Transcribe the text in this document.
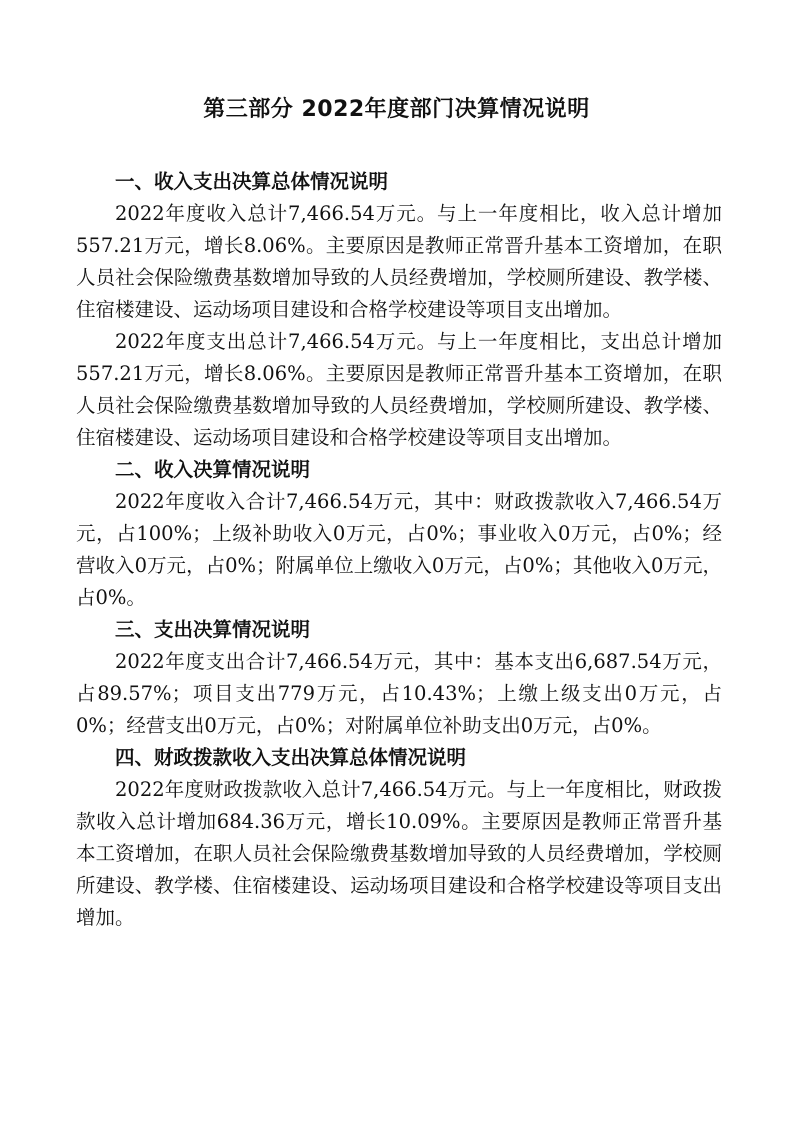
第三部分 2022年度部门决算情况说明
一、收入支出决算总体情况说明

2022年度收入总计7,466.54万元。与上一年度相比，收入总计增加557.21万元，增长8.06%。主要原因是教师正常晋升基本工资增加，在职人员社会保险缴费基数增加导致的人员经费增加，学校厕所建设、教学楼、住宿楼建设、运动场项目建设和合格学校建设等项目支出增加。

2022年度支出总计7,466.54万元。与上一年度相比，支出总计增加557.21万元，增长8.06%。主要原因是教师正常晋升基本工资增加，在职人员社会保险缴费基数增加导致的人员经费增加，学校厕所建设、教学楼、住宿楼建设、运动场项目建设和合格学校建设等项目支出增加。

二、收入决算情况说明

2022年度收入合计7,466.54万元，其中：财政拨款收入7,466.54万元，占100%；上级补助收入0万元，占0%；事业收入0万元，占0%；经营收入0万元，占0%；附属单位上缴收入0万元，占0%；其他收入0万元，占0%。

三、支出决算情况说明

2022年度支出合计7,466.54万元，其中：基本支出6,687.54万元，占89.57%；项目支出779万元，占10.43%；上缴上级支出0万元，占0%；经营支出0万元，占0%；对附属单位补助支出0万元，占0%。

四、财政拨款收入支出决算总体情况说明

2022年度财政拨款收入总计7,466.54万元。与上一年度相比，财政拨款收入总计增加684.36万元，增长10.09%。主要原因是教师正常晋升基本工资增加，在职人员社会保险缴费基数增加导致的人员经费增加，学校厕所建设、教学楼、住宿楼建设、运动场项目建设和合格学校建设等项目支出增加。
